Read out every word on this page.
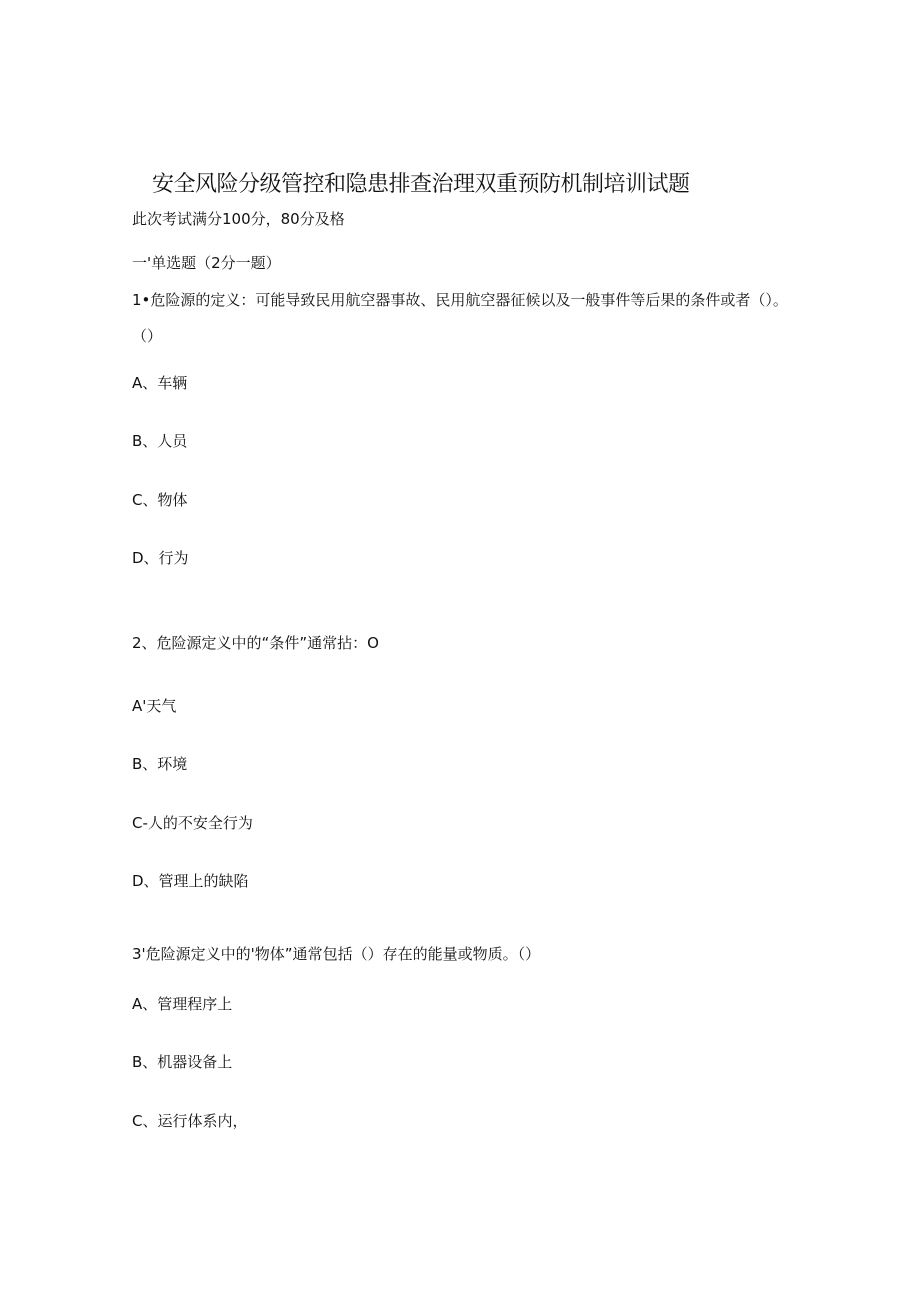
安全风险分级管控和隐患排查治理双重预防机制培训试题
此次考试满分100分，80分及格
一'单选题（2分一题）
1•危险源的定义：可能导致民用航空器事故、民用航空器征候以及一般事件等后果的条件或者（）。（）
A、车辆
B、人员
C、物体
D、行为
2、危险源定义中的“条件”通常拈：O
A'天气
B、环境
C-人的不安全行为
D、管理上的缺陷
3'危险源定义中的'物体”通常包括（）存在的能量或物质。（）
A、管理程序上
B、机器设备上
C、运行体系内，
